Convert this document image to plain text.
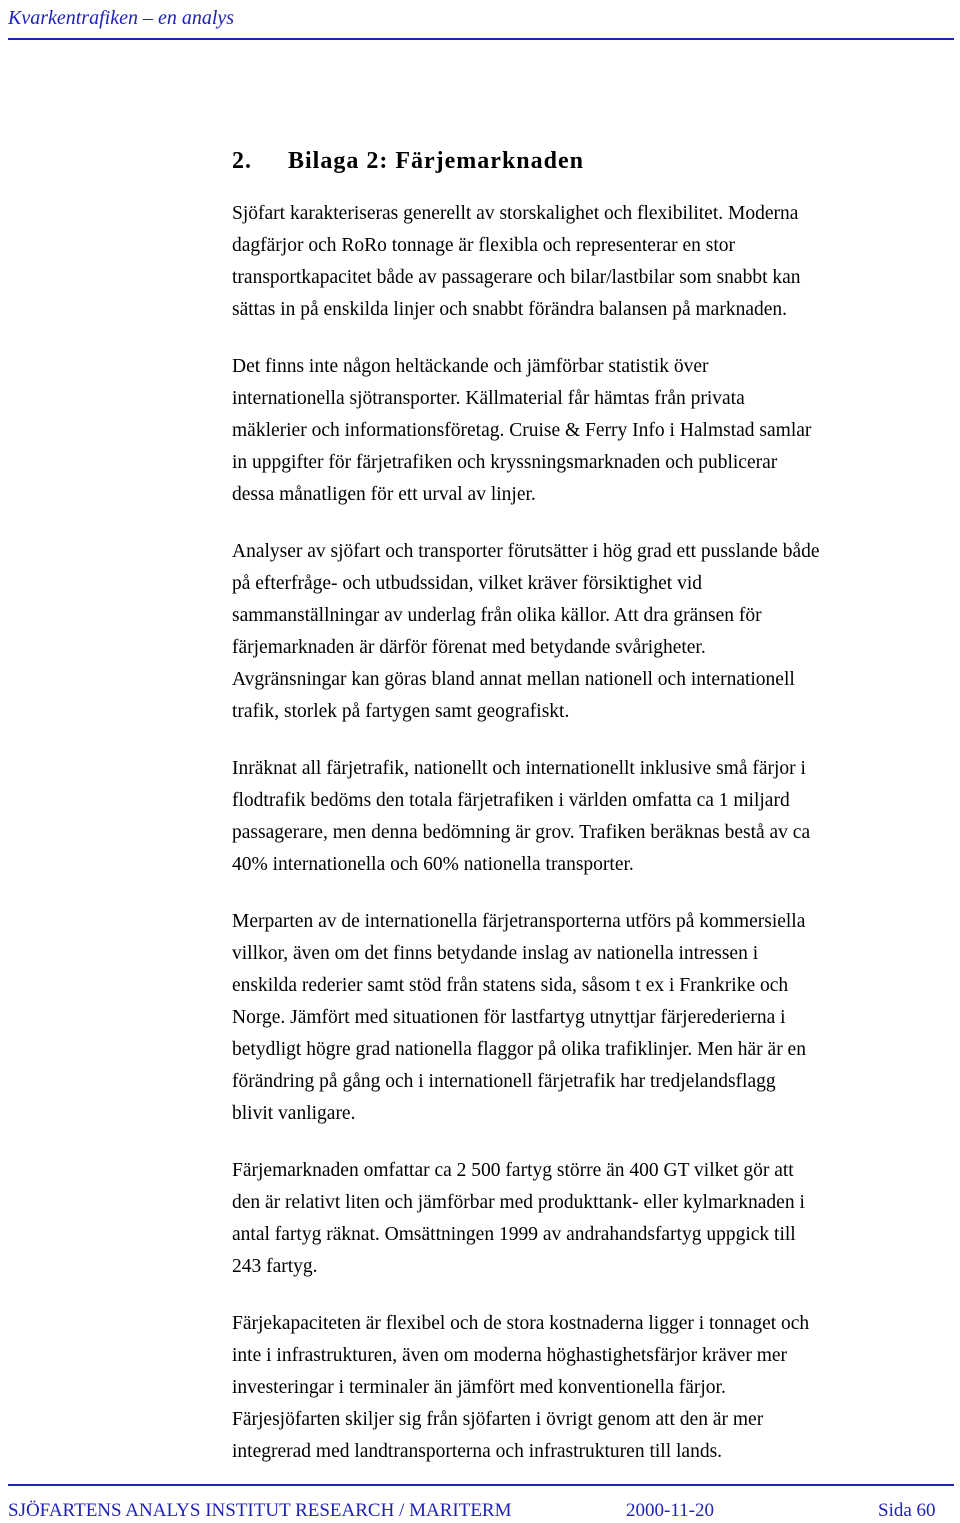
Kvarkentrafiken – en analys
2. Bilaga 2: Färjemarknaden

Sjöfart karakteriseras generellt av storskalighet och flexibilitet. Moderna
dagfärjor och RoRo tonnage är flexibla och representerar en stor
transportkapacitet både av passagerare och bilar/lastbilar som snabbt kan
sättas in på enskilda linjer och snabbt förändra balansen på marknaden.

Det finns inte någon heltäckande och jämförbar statistik över
internationella sjötransporter. Källmaterial får hämtas från privata
mäklerier och informationsföretag. Cruise & Ferry Info i Halmstad samlar
in uppgifter för färjetrafiken och kryssningsmarknaden och publicerar
dessa månatligen för ett urval av linjer.

Analyser av sjöfart och transporter förutsätter i hög grad ett pusslande både
på efterfråge- och utbudssidan, vilket kräver försiktighet vid
sammanställningar av underlag från olika källor. Att dra gränsen för
färjemarknaden är därför förenat med betydande svårigheter.
Avgränsningar kan göras bland annat mellan nationell och internationell
trafik, storlek på fartygen samt geografiskt.

Inräknat all färjetrafik, nationellt och internationellt inklusive små färjor i
flodtrafik bedöms den totala färjetrafiken i världen omfatta ca 1 miljard
passagerare, men denna bedömning är grov. Trafiken beräknas bestå av ca
40% internationella och 60% nationella transporter.

Merparten av de internationella färjetransporterna utförs på kommersiella
villkor, även om det finns betydande inslag av nationella intressen i
enskilda rederier samt stöd från statens sida, såsom t ex i Frankrike och
Norge. Jämfört med situationen för lastfartyg utnyttjar färjerederierna i
betydligt högre grad nationella flaggor på olika trafiklinjer. Men här är en
förändring på gång och i internationell färjetrafik har tredjelandsflagg
blivit vanligare.

Färjemarknaden omfattar ca 2 500 fartyg större än 400 GT vilket gör att
den är relativt liten och jämförbar med produkttank- eller kylmarknaden i
antal fartyg räknat. Omsättningen 1999 av andrahandsfartyg uppgick till
243 fartyg.

Färjekapaciteten är flexibel och de stora kostnaderna ligger i tonnaget och
inte i infrastrukturen, även om moderna höghastighetsfärjor kräver mer
investeringar i terminaler än jämfört med konventionella färjor.
Färjesjöfarten skiljer sig från sjöfarten i övrigt genom att den är mer
integrerad med landtransporterna och infrastrukturen till lands.

SJÖFARTENS ANALYS INSTITUT RESEARCH / MARITERM	2000-11-20	Sida 60
